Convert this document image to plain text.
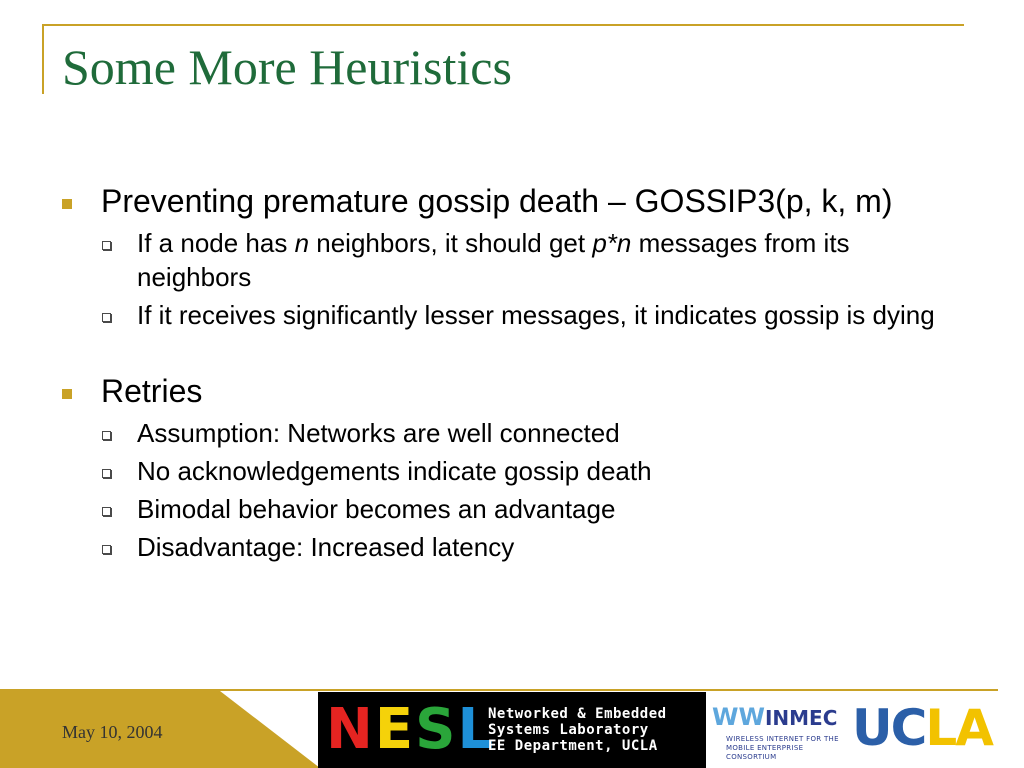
Some More Heuristics
Preventing premature gossip death – GOSSIP3(p, k, m)
If a node has n neighbors, it should get p*n messages from its neighbors
If it receives significantly lesser messages, it indicates gossip is dying
Retries
Assumption: Networks are well connected
No acknowledgements indicate gossip death
Bimodal behavior becomes an advantage
Disadvantage: Increased latency
May 10, 2004	NESL
Networked & Embedded
Systems Laboratory
EE Department, UCLA
WWINMEC
WIRELESS INTERNET FOR THE
MOBILE ENTERPRISE CONSORTIUM	UCLA
